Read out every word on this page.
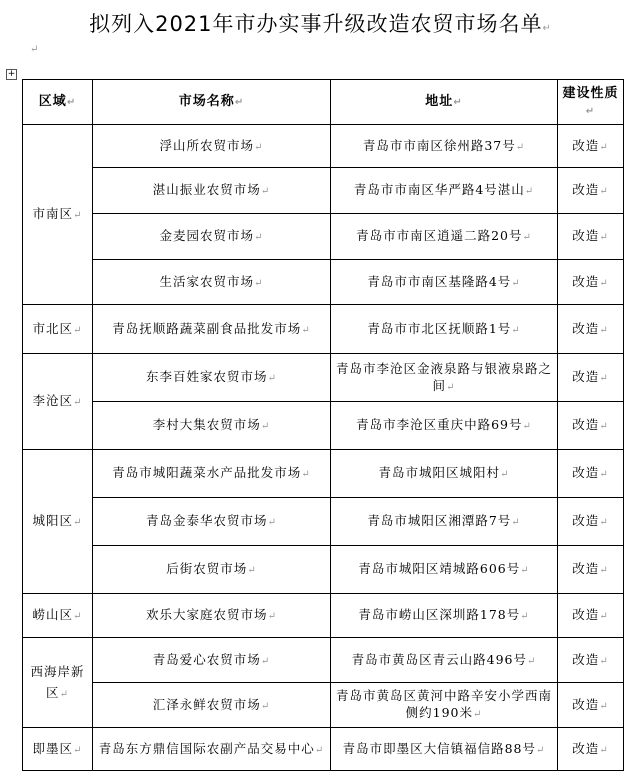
拟列入2021年市办实事升级改造农贸市场名单↵
↵
+
区域↵	市场名称↵	地址↵	建设性质↵
市南区↵	浮山所农贸市场↵	青岛市市南区徐州路37号↵	改造↵
	湛山振业农贸市场↵	青岛市市南区华严路4号湛山↵	改造↵
	金麦园农贸市场↵	青岛市市南区逍遥二路20号↵	改造↵
	生活家农贸市场↵	青岛市市南区基隆路4号↵	改造↵
市北区↵	青岛抚顺路蔬菜副食品批发市场↵	青岛市市北区抚顺路1号↵	改造↵
李沧区↵	东李百姓家农贸市场↵	青岛市李沧区金液泉路与银液泉路之间↵	改造↵
	李村大集农贸市场↵	青岛市李沧区重庆中路69号↵	改造↵
城阳区↵	青岛市城阳蔬菜水产品批发市场↵	青岛市城阳区城阳村↵	改造↵
	青岛金泰华农贸市场↵	青岛市城阳区湘潭路7号↵	改造↵
	后街农贸市场↵	青岛市城阳区靖城路606号↵	改造↵
崂山区↵	欢乐大家庭农贸市场↵	青岛市崂山区深圳路178号↵	改造↵
西海岸新区↵	青岛爱心农贸市场↵	青岛市黄岛区青云山路496号↵	改造↵
	汇泽永鲜农贸市场↵	青岛市黄岛区黄河中路辛安小学西南侧约190米↵	改造↵
即墨区↵	青岛东方鼎信国际农副产品交易中心↵	青岛市即墨区大信镇福信路88号↵	改造↵
